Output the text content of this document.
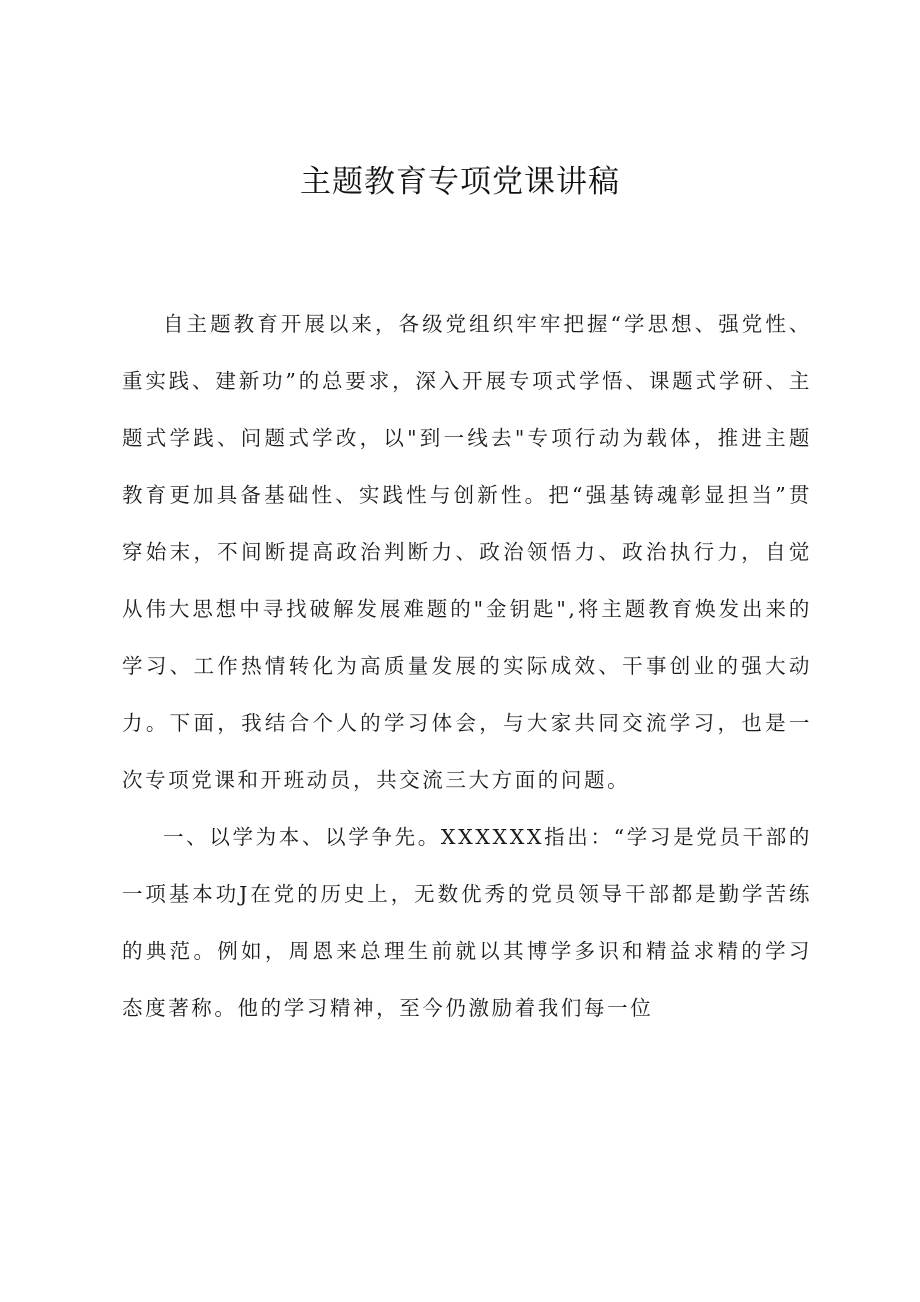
主题教育专项党课讲稿

自主题教育开展以来，各级党组织牢牢把握“学思想、强党性、重实践、建新功”的总要求，深入开展专项式学悟、课题式学研、主题式学践、问题式学改，以"到一线去"专项行动为载体，推进主题教育更加具备基础性、实践性与创新性。把“强基铸魂彰显担当”贯穿始末，不间断提高政治判断力、政治领悟力、政治执行力，自觉从伟大思想中寻找破解发展难题的"金钥匙",将主题教育焕发出来的学习、工作热情转化为高质量发展的实际成效、干事创业的强大动力。下面，我结合个人的学习体会，与大家共同交流学习，也是一次专项党课和开班动员，共交流三大方面的问题。

一、以学为本、以学争先。XXXXXX指出：“学习是党员干部的一项基本功J在党的历史上，无数优秀的党员领导干部都是勤学苦练的典范。例如，周恩来总理生前就以其博学多识和精益求精的学习态度著称。他的学习精神，至今仍激励着我们每一位
